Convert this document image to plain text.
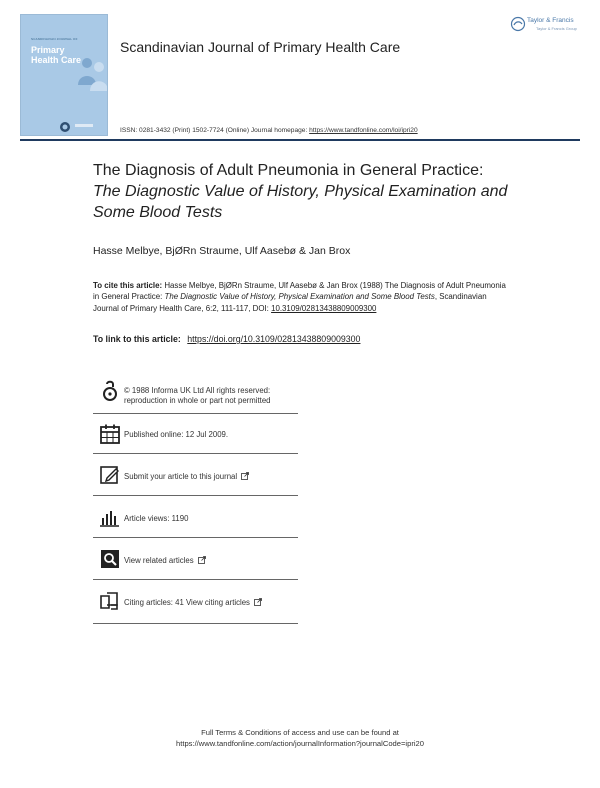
SCANDINAVIAN JOURNAL OF
Primary
Health Care
Scandinavian Journal of Primary Health Care
Taylor & Francis
Taylor & Francis Group
ISSN: 0281-3432 (Print) 1502-7724 (Online) Journal homepage: https://www.tandfonline.com/loi/ipri20
The Diagnosis of Adult Pneumonia in General Practice: The Diagnostic Value of History, Physical Examination and Some Blood Tests
Hasse Melbye, BjØRn Straume, Ulf Aasebø & Jan Brox
To cite this article: Hasse Melbye, BjØRn Straume, Ulf Aasebø & Jan Brox (1988) The Diagnosis of Adult Pneumonia in General Practice: The Diagnostic Value of History, Physical Examination and Some Blood Tests, Scandinavian Journal of Primary Health Care, 6:2, 111-117, DOI: 10.3109/02813438809009300
To link to this article: https://doi.org/10.3109/02813438809009300
© 1988 Informa UK Ltd All rights reserved:
reproduction in whole or part not permitted
Published online: 12 Jul 2009.
Submit your article to this journal
Article views: 1190
View related articles
Citing articles: 41 View citing articles
Full Terms & Conditions of access and use can be found at
https://www.tandfonline.com/action/journalInformation?journalCode=ipri20
